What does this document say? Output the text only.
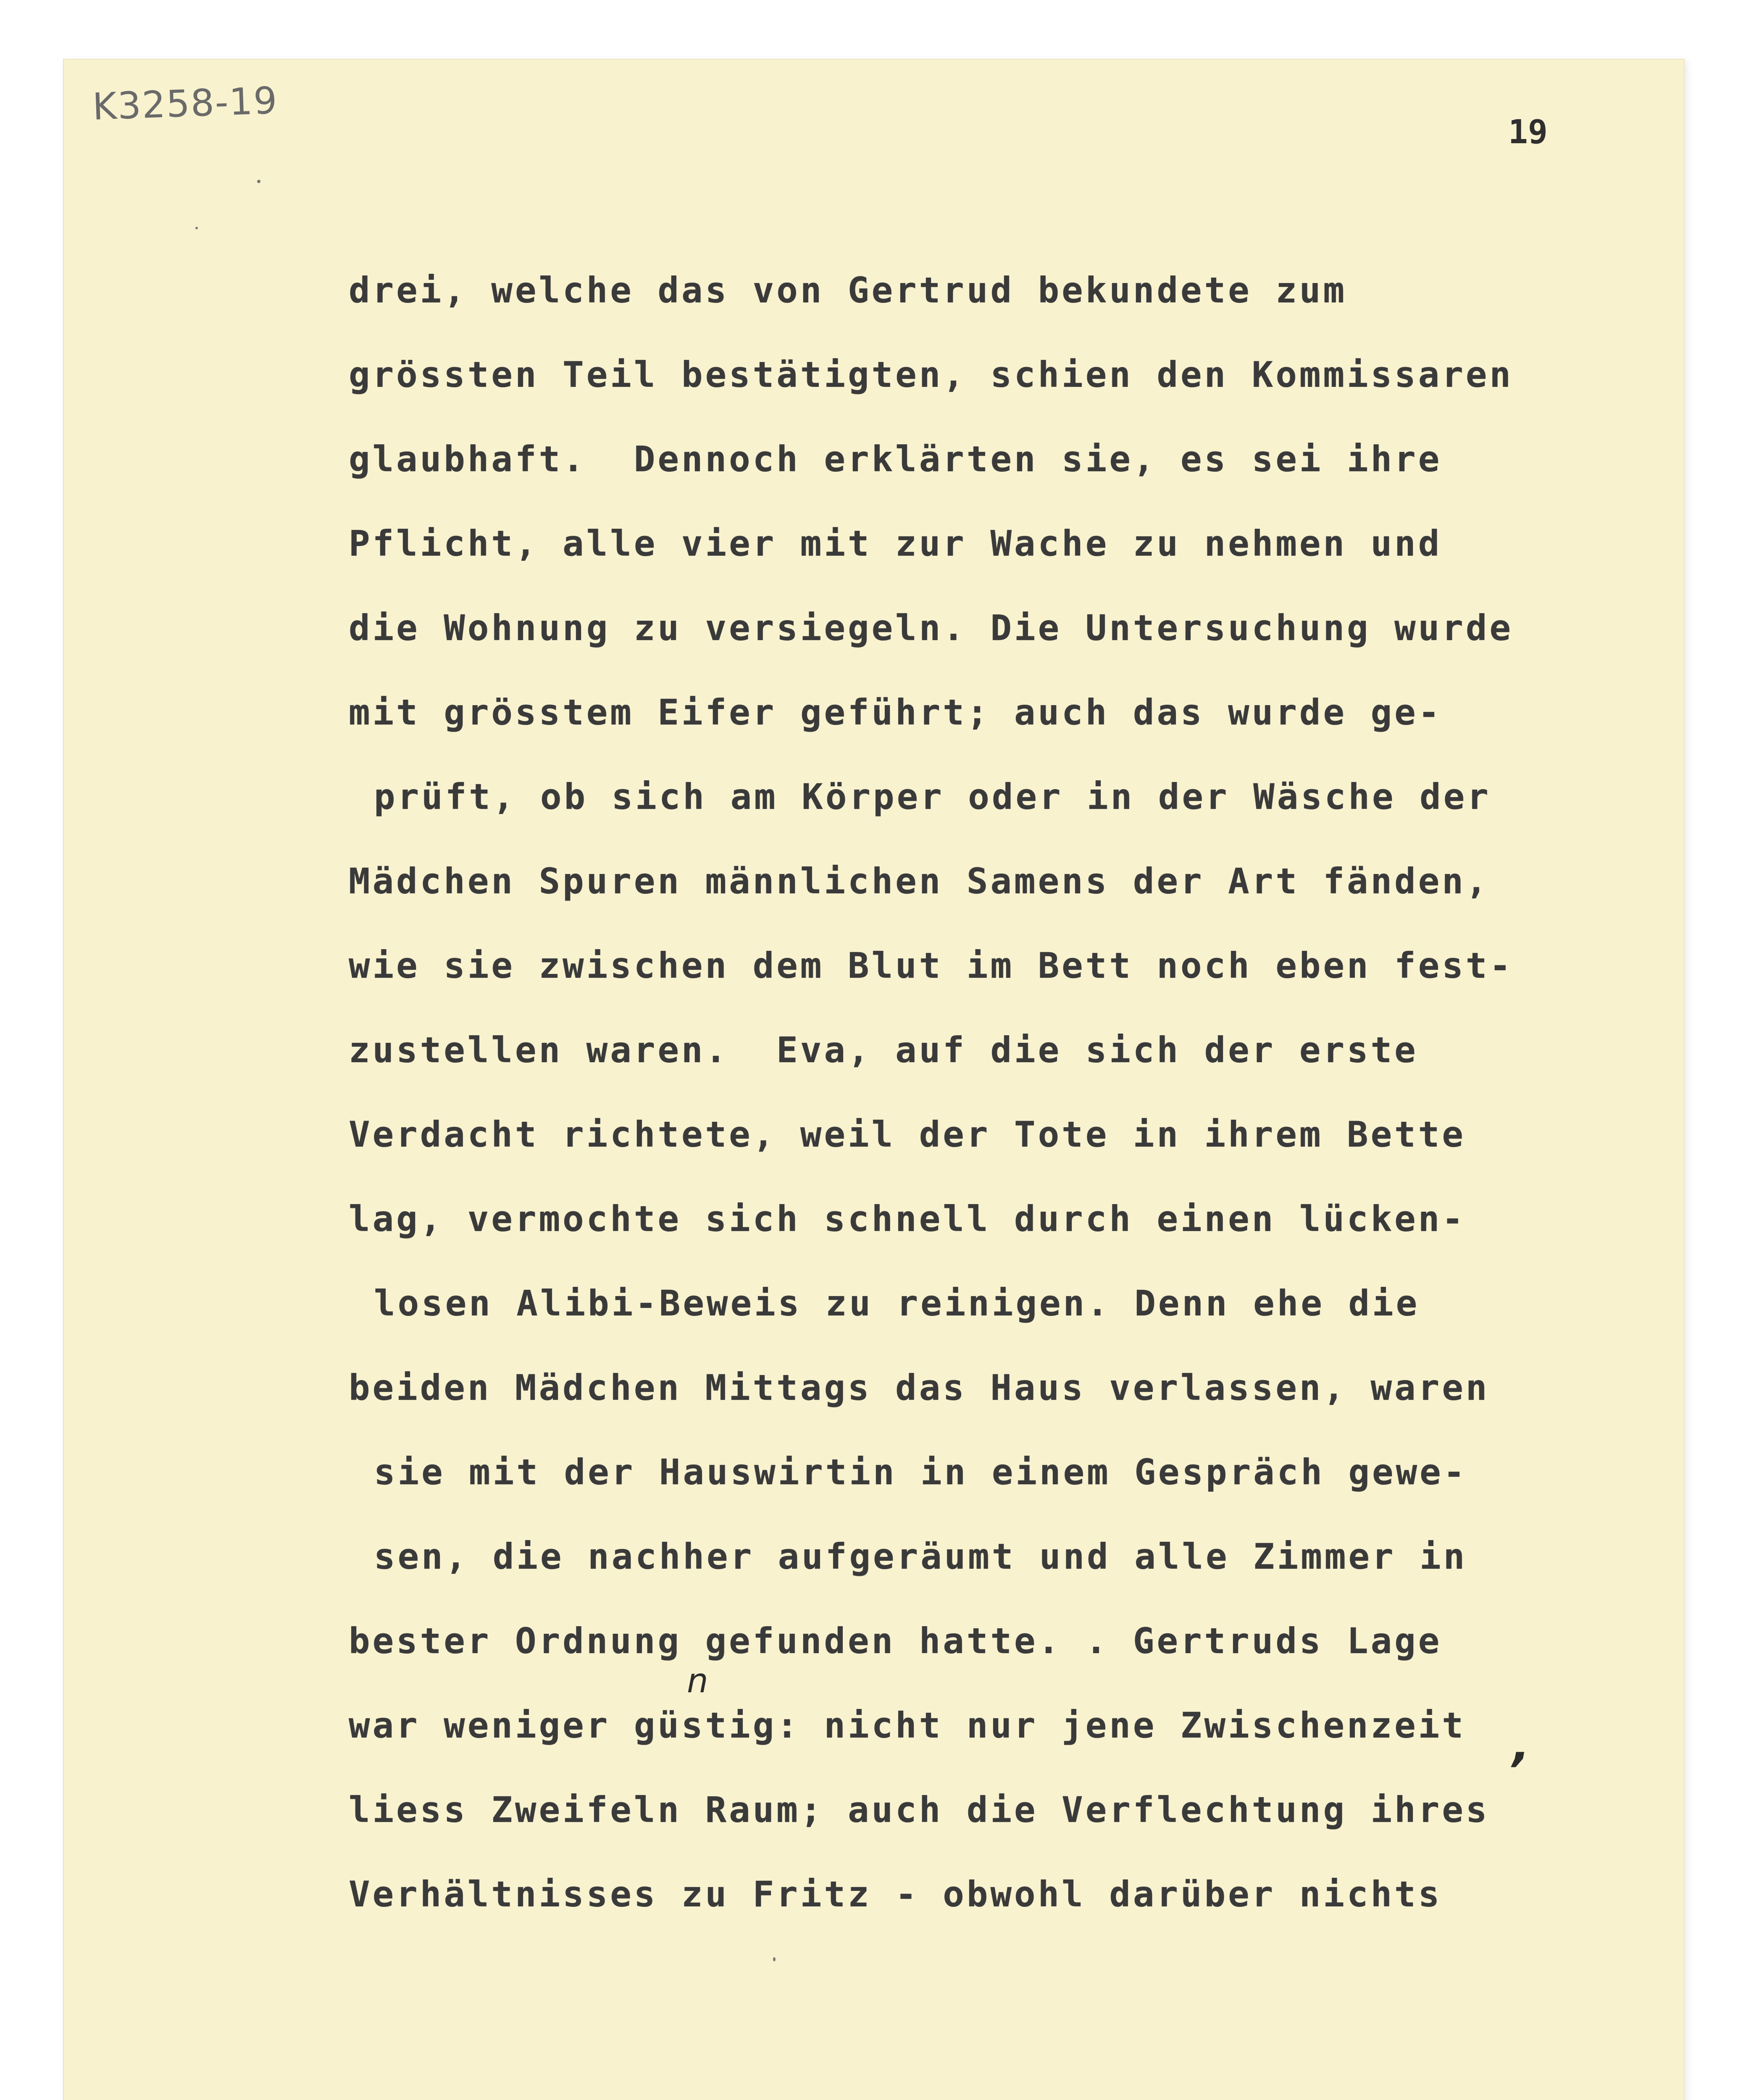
K3258-19
19
drei, welche das von Gertrud bekundete zum
grössten Teil bestätigten, schien den Kommissaren
glaubhaft.  Dennoch erklärten sie, es sei ihre
Pflicht, alle vier mit zur Wache zu nehmen und
die Wohnung zu versiegeln. Die Untersuchung wurde
mit grösstem Eifer geführt; auch das wurde ge-
prüft, ob sich am Körper oder in der Wäsche der
Mädchen Spuren männlichen Samens der Art fänden,
wie sie zwischen dem Blut im Bett noch eben fest-
zustellen waren.  Eva, auf die sich der erste
Verdacht richtete, weil der Tote in ihrem Bette
lag, vermochte sich schnell durch einen lücken-
losen Alibi-Beweis zu reinigen. Denn ehe die
beiden Mädchen Mittags das Haus verlassen, waren
sie mit der Hauswirtin in einem Gespräch gewe-
sen, die nachher aufgeräumt und alle Zimmer in
bester Ordnung gefunden hatte. . Gertruds Lage
war weniger güstig: nicht nur jene Zwischenzeit
liess Zweifeln Raum; auch die Verflechtung ihres
Verhältnisses zu Fritz - obwohl darüber nichts
n
,
